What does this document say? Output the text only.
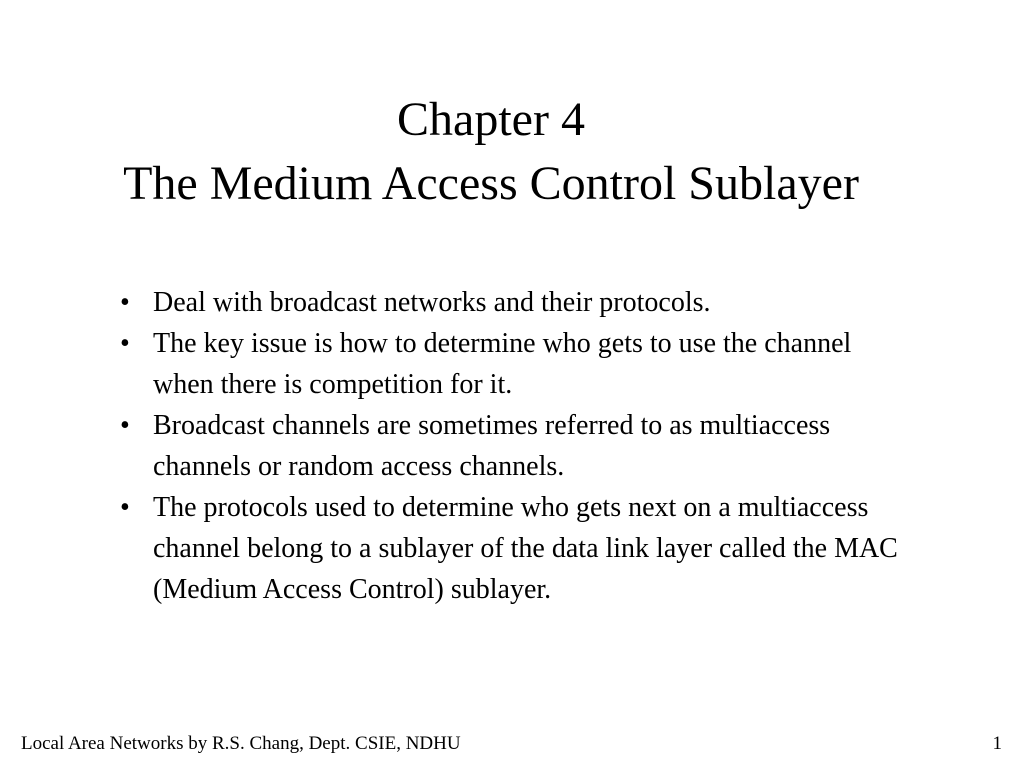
Chapter 4
The Medium Access Control Sublayer
• Deal with broadcast networks and their protocols.
• The key issue is how to determine who gets to use the channel when there is competition for it.
• Broadcast channels are sometimes referred to as multiaccess channels or random access channels.
• The protocols used to determine who gets next on a multiaccess channel belong to a sublayer of the data link layer called the MAC (Medium Access Control) sublayer.
Local Area Networks by R.S. Chang, Dept. CSIE, NDHU	1
